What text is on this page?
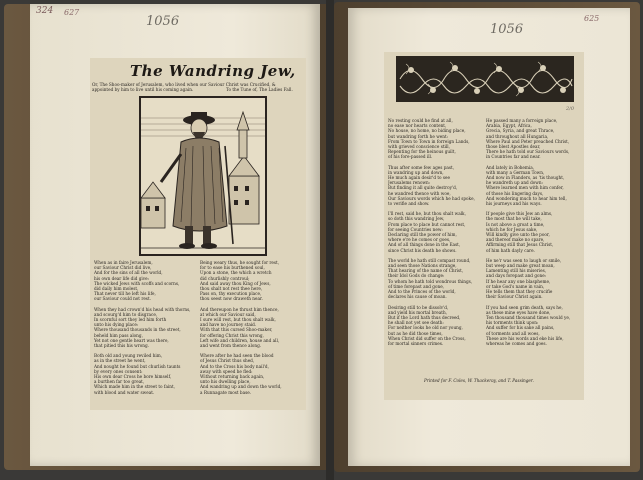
324 627
1056
The Wandring Jew,
Or, The Shoo-maker of Jerusalem, who lived when our Saviour Christ was Crucified, &
appointed by him to live until his coming again.	To the Tune of, The Ladies Fall.
When as in faire Jerusalem,
our Saviour Christ did live,
And for the sins of all the world,
his own dear life did give:
The wicked Jews with scoffs and scorns,
did daily him molest,
That never till he left his life,
our Saviour could not rest.
When they had crown'd his head with thorns,
and scourg'd him to disgrace,
In scornful sort they led him forth
unto his dying place:
Where thousand thousands in the street,
beheld him pass along,
Yet not one gentle heart was there,
that pitied this his wrong.
Both old and young reviled him,
as in the street he went,
And nought he found but churlish taunts
by every ones consent:
His own dear Cross he bore himself,
a burthen far too great,
Which made him in the street to faint,
with blood and water sweat.
Being weary thus, he sought for rest,
for to ease his burthened soul,
Upon a stone, the which a wretch
did churlishly controul;
And said away thou King of Jews,
thou shalt not rest thee here,
Pass on, thy execution place,
thou seest now draweth near.
And thereupon he thrust him thence,
at which our Saviour said,
I sure will rest, but thou shalt walk,
and have no journey staid.
With that this cursed Shoo-maker,
for offering Christ this wrong,
Left wife and children, house and all,
and went from thence along.
Where after he had seen the blood
of Jesus Christ thus shed,
And to the Cross his body nail'd,
away with speed he fled:
Without returning back again,
unto his dwelling place,
And wandring up and down the world,
a Runnagate most base.
1056
625
2/0
No resting could he find at all,
no ease nor hearts content,
No house, no home, no biding place,
but wandring forth he went:
From Town to Town in forreign Lands,
with grieved conscience still,
Repenting for the heinous guilt,
of his fore-passed ill.
Thus after some few ages past,
in wandring up and down,
He much again desir'd to see
Jerusalems renown:
But finding it all quite destroy'd,
he wandred thence with woe,
Our Saviours words which he had spoke,
to verifie and show.
I'll rest, said he, but thou shalt walk,
so doth this wandring Jew,
From place to place but cannot rest,
for seeing Countries new:
Declaring still the power of him,
where e're he comes or goes,
And of all things done in the East,
since Christ his death he shows.
The world he hath still compast round,
and seen those Nations strange,
That hearing of the name of Christ,
their Idol Gods do change:
To whom he hath told wondrous things,
of time forepast and gone,
And to the Princes of the world,
declares his cause of moan.
Desiring still to be dissolv'd,
and yield his mortal breath,
But if the Lord hath thus decreed,
he shall not yet see death:
For neither looks he old nor young,
but as he did those times,
When Christ did suffer on the Cross,
for mortal sinners crimes.
He passed many a forreign place,
Arabia, Egypt, Africa,
Grecia, Syria, and great Thrace,
and throughout all Hungaria,
Where Paul and Peter preached Christ,
those blest Apostles dear,
There he hath told our Saviours words,
in Countries far and near.
And lately in Bohemia,
with many a German Town,
And now in Flanders, as 'tis thought,
he wandreth up and down:
Where learned men with him confer,
of those his lingering days,
And wondering much to hear him tell,
his journeys and his ways.
If people give this Jew an alms,
the most that he will take,
Is not above a groat a time,
which he for Jesus sake,
Will kindly give unto the poor,
and thereof make no spare,
Affirming still that Jesus Christ,
of him hath dayly care.
He ne'r was seen to laugh or smile,
but weep and make great moan,
Lamenting still his miseries,
and days forepast and gone:
If he hear any one blaspheme,
or take God's name in vain,
He tells them that they crucifie
their Saviour Christ again.
If you had seen grim death, says he,
as these mine eyes have done,
Ten thousand thousand times would ye,
his torments think upon:
And suffer for his sake all pains,
of torments and all woes,
These are his words and eke his life,
whereas he comes and goes.
Printed for F. Coles, W. Thackeray, and T. Passinger.
